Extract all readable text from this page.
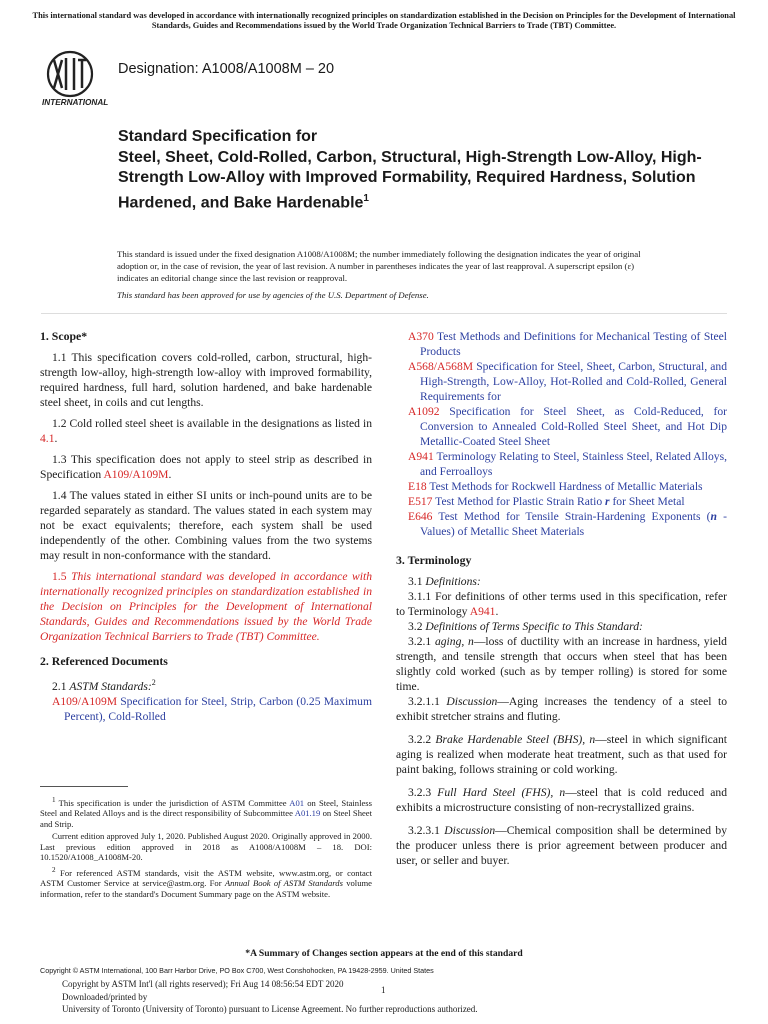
This international standard was developed in accordance with internationally recognized principles on standardization established in the Decision on Principles for the Development of International Standards, Guides and Recommendations issued by the World Trade Organization Technical Barriers to Trade (TBT) Committee.
INTERNATIONAL
Designation: A1008/A1008M – 20
Standard Specification for
Steel, Sheet, Cold-Rolled, Carbon, Structural, High-Strength Low-Alloy, High-Strength Low-Alloy with Improved Formability, Required Hardness, Solution Hardened, and Bake Hardenable$^1$

This standard is issued under the fixed designation A1008/A1008M; the number immediately following the designation indicates the year of original adoption or, in the case of revision, the year of last revision. A number in parentheses indicates the year of last reapproval. A superscript epsilon (ε) indicates an editorial change since the last revision or reapproval.

This standard has been approved for use by agencies of the U.S. Department of Defense.

1. Scope*

1.1 This specification covers cold-rolled, carbon, structural, high-strength low-alloy, high-strength low-alloy with improved formability, required hardness, full hard, solution hardened, and bake hardenable steel sheet, in coils and cut lengths.

1.2 Cold rolled steel sheet is available in the designations as listed in 4.1.

1.3 This specification does not apply to steel strip as described in Specification A109/A109M.

1.4 The values stated in either SI units or inch-pound units are to be regarded separately as standard. The values stated in each system may not be exact equivalents; therefore, each system shall be used independently of the other. Combining values from the two systems may result in non-conformance with the standard.

1.5 This international standard was developed in accordance with internationally recognized principles on standardization established in the Decision on Principles for the Development of International Standards, Guides and Recommendations issued by the World Trade Organization Technical Barriers to Trade (TBT) Committee.

2. Referenced Documents

2.1 ASTM Standards:$^2$

A109/A109M Specification for Steel, Strip, Carbon (0.25 Maximum Percent), Cold-Rolled

$^1$ This specification is under the jurisdiction of ASTM Committee A01 on Steel, Stainless Steel and Related Alloys and is the direct responsibility of Subcommittee A01.19 on Steel Sheet and Strip.

Current edition approved July 1, 2020. Published August 2020. Originally approved in 2000. Last previous edition approved in 2018 as A1008/A1008M – 18. DOI: 10.1520/A1008_A1008M-20.

$^2$ For referenced ASTM standards, visit the ASTM website, www.astm.org, or contact ASTM Customer Service at service@astm.org. For Annual Book of ASTM Standards volume information, refer to the standard's Document Summary page on the ASTM website.

A370 Test Methods and Definitions for Mechanical Testing of Steel Products

A568/A568M Specification for Steel, Sheet, Carbon, Structural, and High-Strength, Low-Alloy, Hot-Rolled and Cold-Rolled, General Requirements for

A1092 Specification for Steel Sheet, as Cold-Reduced, for Conversion to Annealed Cold-Rolled Steel Sheet, and Hot Dip Metallic-Coated Steel Sheet

A941 Terminology Relating to Steel, Stainless Steel, Related Alloys, and Ferroalloys

E18 Test Methods for Rockwell Hardness of Metallic Materials

E517 Test Method for Plastic Strain Ratio r for Sheet Metal

E646 Test Method for Tensile Strain-Hardening Exponents (n -Values) of Metallic Sheet Materials

3. Terminology

3.1 Definitions:

3.1.1 For definitions of other terms used in this specification, refer to Terminology A941.

3.2 Definitions of Terms Specific to This Standard:

3.2.1 aging, n—loss of ductility with an increase in hardness, yield strength, and tensile strength that occurs when steel that has been slightly cold worked (such as by temper rolling) is stored for some time.

3.2.1.1 Discussion—Aging increases the tendency of a steel to exhibit stretcher strains and fluting.

3.2.2 Brake Hardenable Steel (BHS), n—steel in which significant aging is realized when moderate heat treatment, such as that used for paint baking, follows straining or cold working.

3.2.3 Full Hard Steel (FHS), n—steel that is cold reduced and exhibits a microstructure consisting of non-recrystallized grains.

3.2.3.1 Discussion—Chemical composition shall be determined by the producer unless there is prior agreement between producer and user, or seller and buyer.

*A Summary of Changes section appears at the end of this standard
Copyright © ASTM International, 100 Barr Harbor Drive, PO Box C700, West Conshohocken, PA 19428-2959. United States
Copyright by ASTM Int'l (all rights reserved); Fri Aug 14 08:56:54 EDT 2020
Downloaded/printed by
University of Toronto (University of Toronto) pursuant to License Agreement. No further reproductions authorized.
1
